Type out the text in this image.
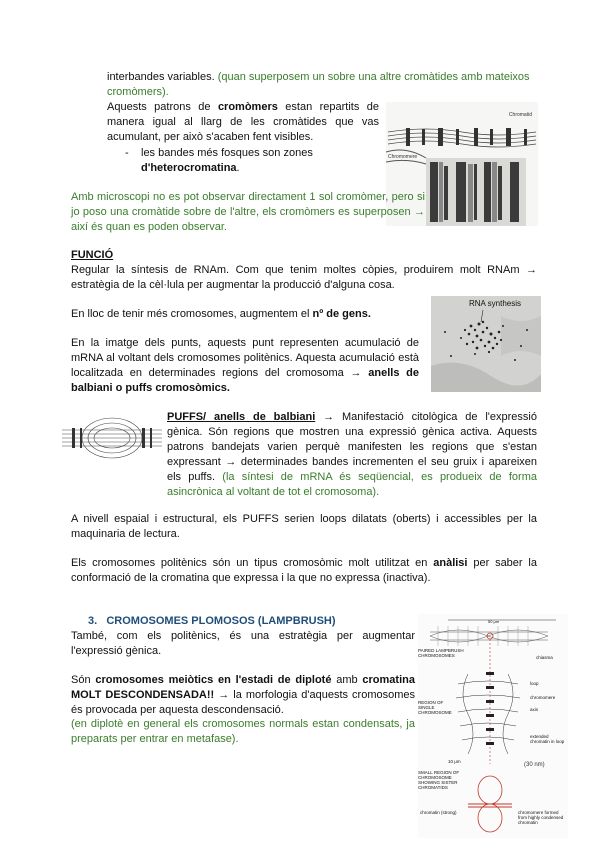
interbandes variables. (quan superposem un sobre una altre cromàtides amb mateixos cromòmers).
Aquests patrons de cromòmers estan repartits de manera igual al llarg de les cromàtides que vas acumulant, per això s'acaben fent visibles.
-	les bandes més fosques son zones
d'heterocromatina.
Chromatid
Chromomere
Amb microscopi no es pot observar directament 1 sol cromòmer, pero si jo poso una cromàtide sobre de l'altre, els cromòmers es superposen → així és quan es poden observar.
FUNCIÓ
Regular la síntesis de RNAm. Com que tenim moltes còpies, produirem molt RNAm → estratègia de la cèl·lula per augmentar la producció d'alguna cosa.
En lloc de tenir més cromosomes, augmentem el nº de gens.
En la imatge dels punts, aquests punt representen acumulació de mRNA al voltant dels cromosomes politènics. Aquesta acumulació està localitzada en determinades regions del cromosoma → anells de balbiani o puffs cromosòmics.
RNA synthesis
PUFFS/ anells de balbiani → Manifestació citològica de l'expressió gènica. Són regions que mostren una expressió gènica activa. Aquests patrons bandejats varien perquè manifesten les regions que s'estan expressant → determinades bandes incrementen el seu gruix i apareixen els puffs. (la síntesi de mRNA és seqüencial, es produeix de forma asincrònica al voltant de tot el cromosoma).
A nivell espaial i estructural, els PUFFS serien loops dilatats (oberts) i accessibles per la maquinaria de lectura.
Els cromosomes politènics són un tipus cromosòmic molt utilitzat en anàlisi per saber la conformació de la cromatina que expressa i la que no expressa (inactiva).
3. CROMOSOMES PLOMOSOS (LAMPBRUSH)
També, com els politènics, és una estratègia per augmentar l'expressió gènica.
Són cromosomes meiòtics en l'estadi de diploté amb cromatina MOLT DESCONDENSADA!! → la morfologia d'aquests cromosomes és provocada per aquesta descondensació.
(en diplotè en general els cromosomes normals estan condensats, ja preparats per entrar en metafase).
50 μm
PAIRED LAMPBRUSH CHROMOSOMES
REGION OF SINGLE CHROMOSOME
SMALL REGION OF CHROMOSOME SHOWING SISTER CHROMATIDS
chiasma
loop
chromomere
axis
extended chromatin in loop
10 μm
(30 nm)
chromatin (strong)	chromomere formed from highly condensed chromatin
